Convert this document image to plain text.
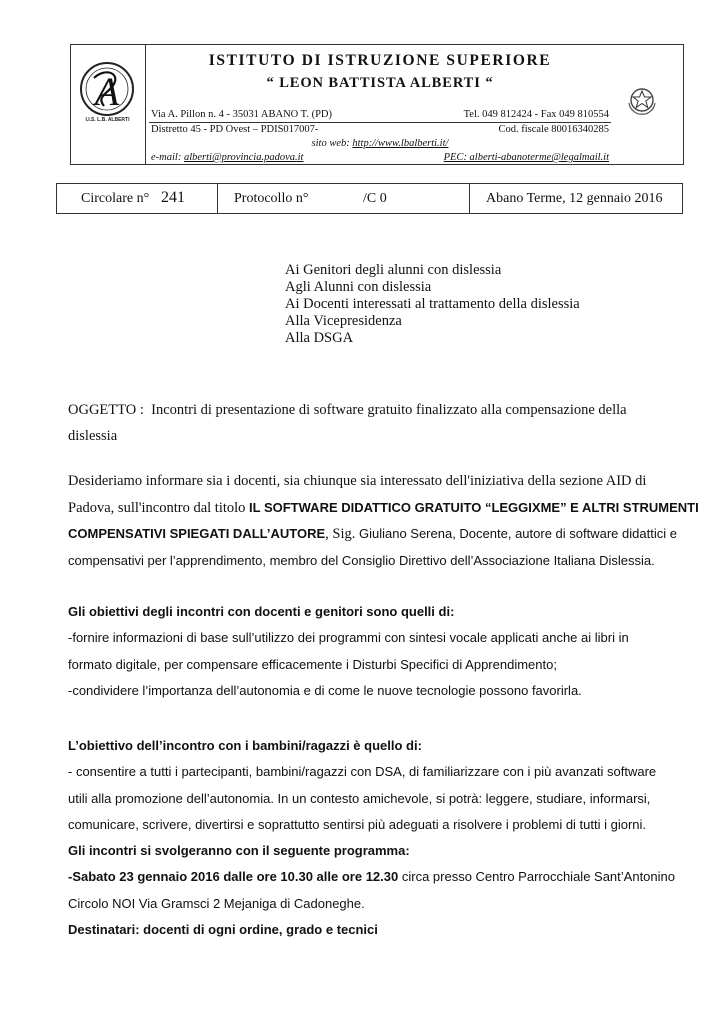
A
I.I.S. L.B. ALBERTI
ISTITUTO DI ISTRUZIONE SUPERIORE
“ LEON BATTISTA ALBERTI “
Via A. Pillon n. 4 - 35031 ABANO T. (PD)	Tel. 049 812424 - Fax 049 810554
Distretto 45 - PD Ovest – PDIS017007-	Cod. fiscale 80016340285
sito web: http://www.lbalberti.it/
e-mail: alberti@provincia.padova.it	PEC: alberti-abanoterme@legalmail.it
Circolare n° 241	Protocollo n°	/C 0	Abano Terme, 12 gennaio 2016
Ai Genitori degli alunni con dislessia
Agli Alunni con dislessia
Ai Docenti interessati al trattamento della dislessia
Alla Vicepresidenza
Alla DSGA
OGGETTO : Incontri di presentazione di software gratuito finalizzato alla compensazione della
dislessia
Desideriamo informare sia i docenti, sia chiunque sia interessato dell'iniziativa della sezione AID di
Padova, sull'incontro dal titolo IL SOFTWARE DIDATTICO GRATUITO “LEGGIXME” E ALTRI STRUMENTI
COMPENSATIVI SPIEGATI DALL’AUTORE, Sig. Giuliano Serena, Docente, autore di software didattici e
compensativi per l’apprendimento, membro del Consiglio Direttivo dell’Associazione Italiana Dislessia.
Gli obiettivi degli incontri con docenti e genitori sono quelli di:
-fornire informazioni di base sull’utilizzo dei programmi con sintesi vocale applicati anche ai libri in
formato digitale, per compensare efficacemente i Disturbi Specifici di Apprendimento;
-condividere l’importanza dell’autonomia e di come le nuove tecnologie possono favorirla.
L’obiettivo dell’incontro con i bambini/ragazzi è quello di:
- consentire a tutti i partecipanti, bambini/ragazzi con DSA, di familiarizzare con i più avanzati software
utili alla promozione dell’autonomia. In un contesto amichevole, si potrà: leggere, studiare, informarsi,
comunicare, scrivere, divertirsi e soprattutto sentirsi più adeguati a risolvere i problemi di tutti i giorni.
Gli incontri si svolgeranno con il seguente programma:
-Sabato 23 gennaio 2016 dalle ore 10.30 alle ore 12.30 circa presso Centro Parrocchiale Sant’Antonino
Circolo NOI Via Gramsci 2 Mejaniga di Cadoneghe.
Destinatari: docenti di ogni ordine, grado e tecnici
